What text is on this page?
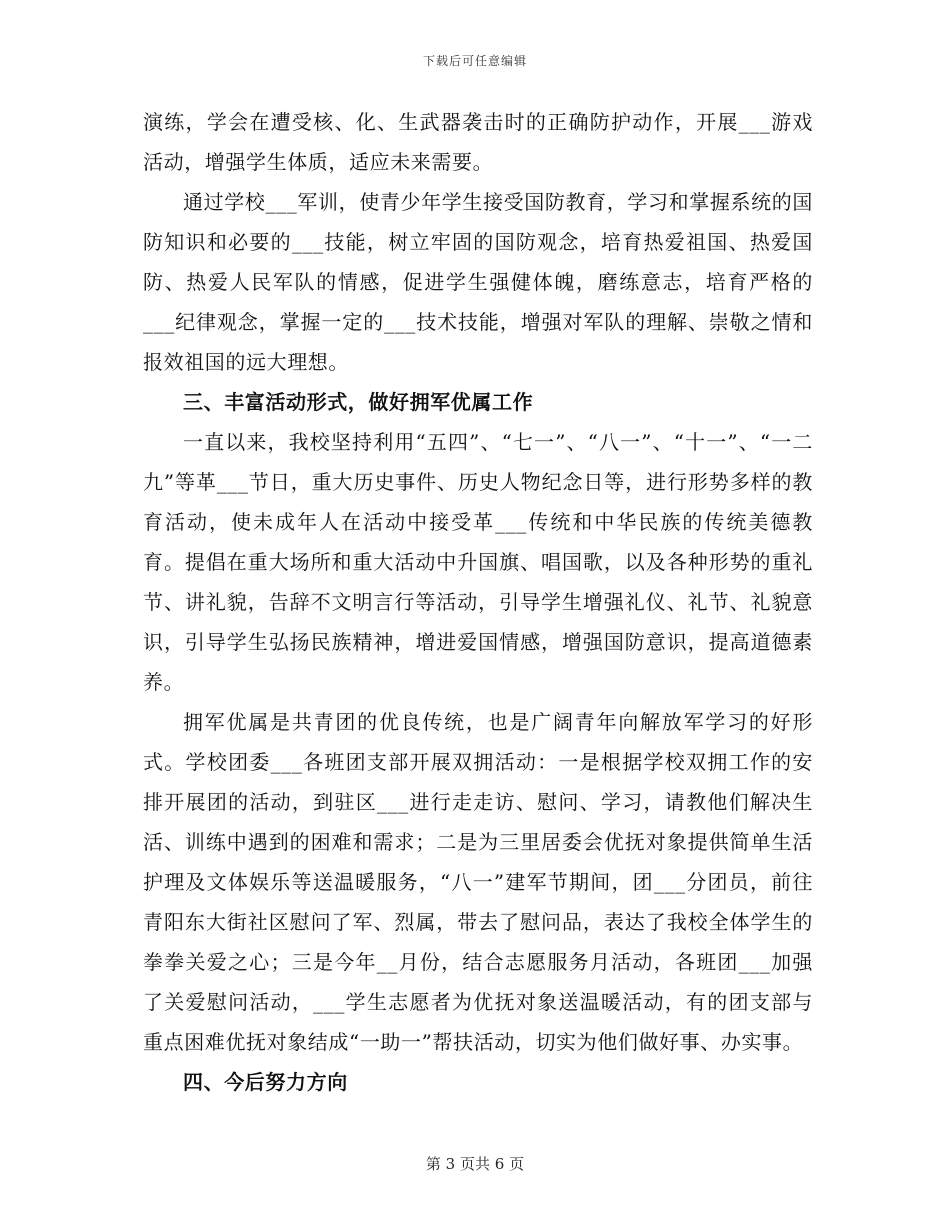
下载后可任意编辑

演练，学会在遭受核、化、生武器袭击时的正确防护动作，开展___游戏活动，增强学生体质，适应未来需要。

通过学校___军训，使青少年学生接受国防教育，学习和掌握系统的国防知识和必要的___技能，树立牢固的国防观念，培育热爱祖国、热爱国防、热爱人民军队的情感，促进学生强健体魄，磨练意志，培育严格的___纪律观念，掌握一定的___技术技能，增强对军队的理解、崇敬之情和报效祖国的远大理想。

三、丰富活动形式，做好拥军优属工作

一直以来，我校坚持利用“五四”、“七一”、“八一”、“十一”、“一二九”等革___节日，重大历史事件、历史人物纪念日等，进行形势多样的教育活动，使未成年人在活动中接受革___传统和中华民族的传统美德教育。提倡在重大场所和重大活动中升国旗、唱国歌，以及各种形势的重礼节、讲礼貌，告辞不文明言行等活动，引导学生增强礼仪、礼节、礼貌意识，引导学生弘扬民族精神，增进爱国情感，增强国防意识，提高道德素养。

拥军优属是共青团的优良传统，也是广阔青年向解放军学习的好形式。学校团委___各班团支部开展双拥活动：一是根据学校双拥工作的安排开展团的活动，到驻区___进行走走访、慰问、学习，请教他们解决生活、训练中遇到的困难和需求；二是为三里居委会优抚对象提供简单生活护理及文体娱乐等送温暖服务，“八一”建军节期间，团___分团员，前往青阳东大街社区慰问了军、烈属，带去了慰问品，表达了我校全体学生的拳拳关爱之心；三是今年__月份，结合志愿服务月活动，各班团___加强了关爱慰问活动，___学生志愿者为优抚对象送温暖活动，有的团支部与重点困难优抚对象结成“一助一”帮扶活动，切实为他们做好事、办实事。

四、今后努力方向

第 3 页共 6 页
